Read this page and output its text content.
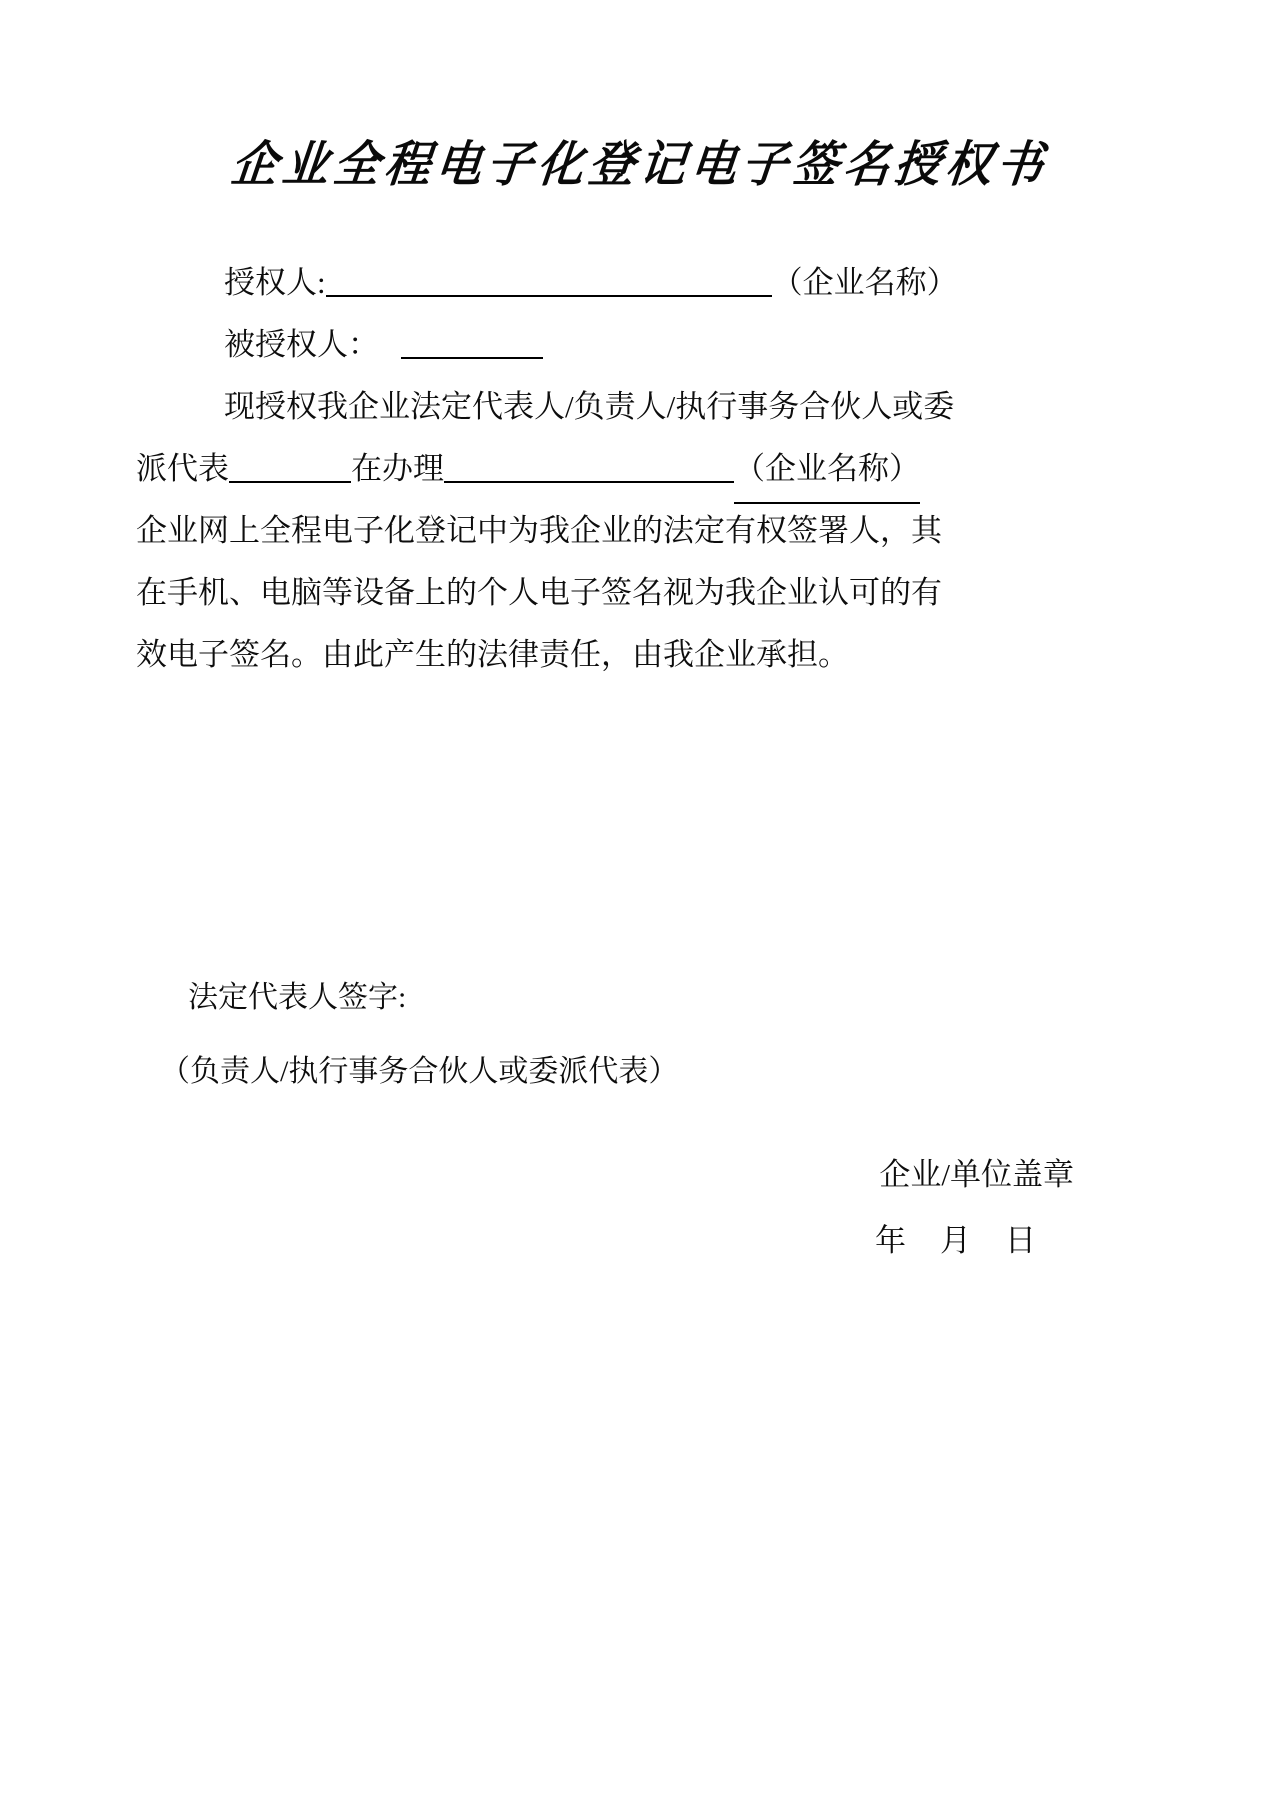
企业全程电子化登记电子签名授权书
授权人:	（企业名称）
被授权人：
现授权我企业法定代表人/负责人/执行事务合伙人或委
派代表	在办理	（企业名称）
企业网上全程电子化登记中为我企业的法定有权签署人，其
在手机、电脑等设备上的个人电子签名视为我企业认可的有
效电子签名。由此产生的法律责任，由我企业承担。
法定代表人签字:
（负责人/执行事务合伙人或委派代表）
企业/单位盖章
年 月 日
